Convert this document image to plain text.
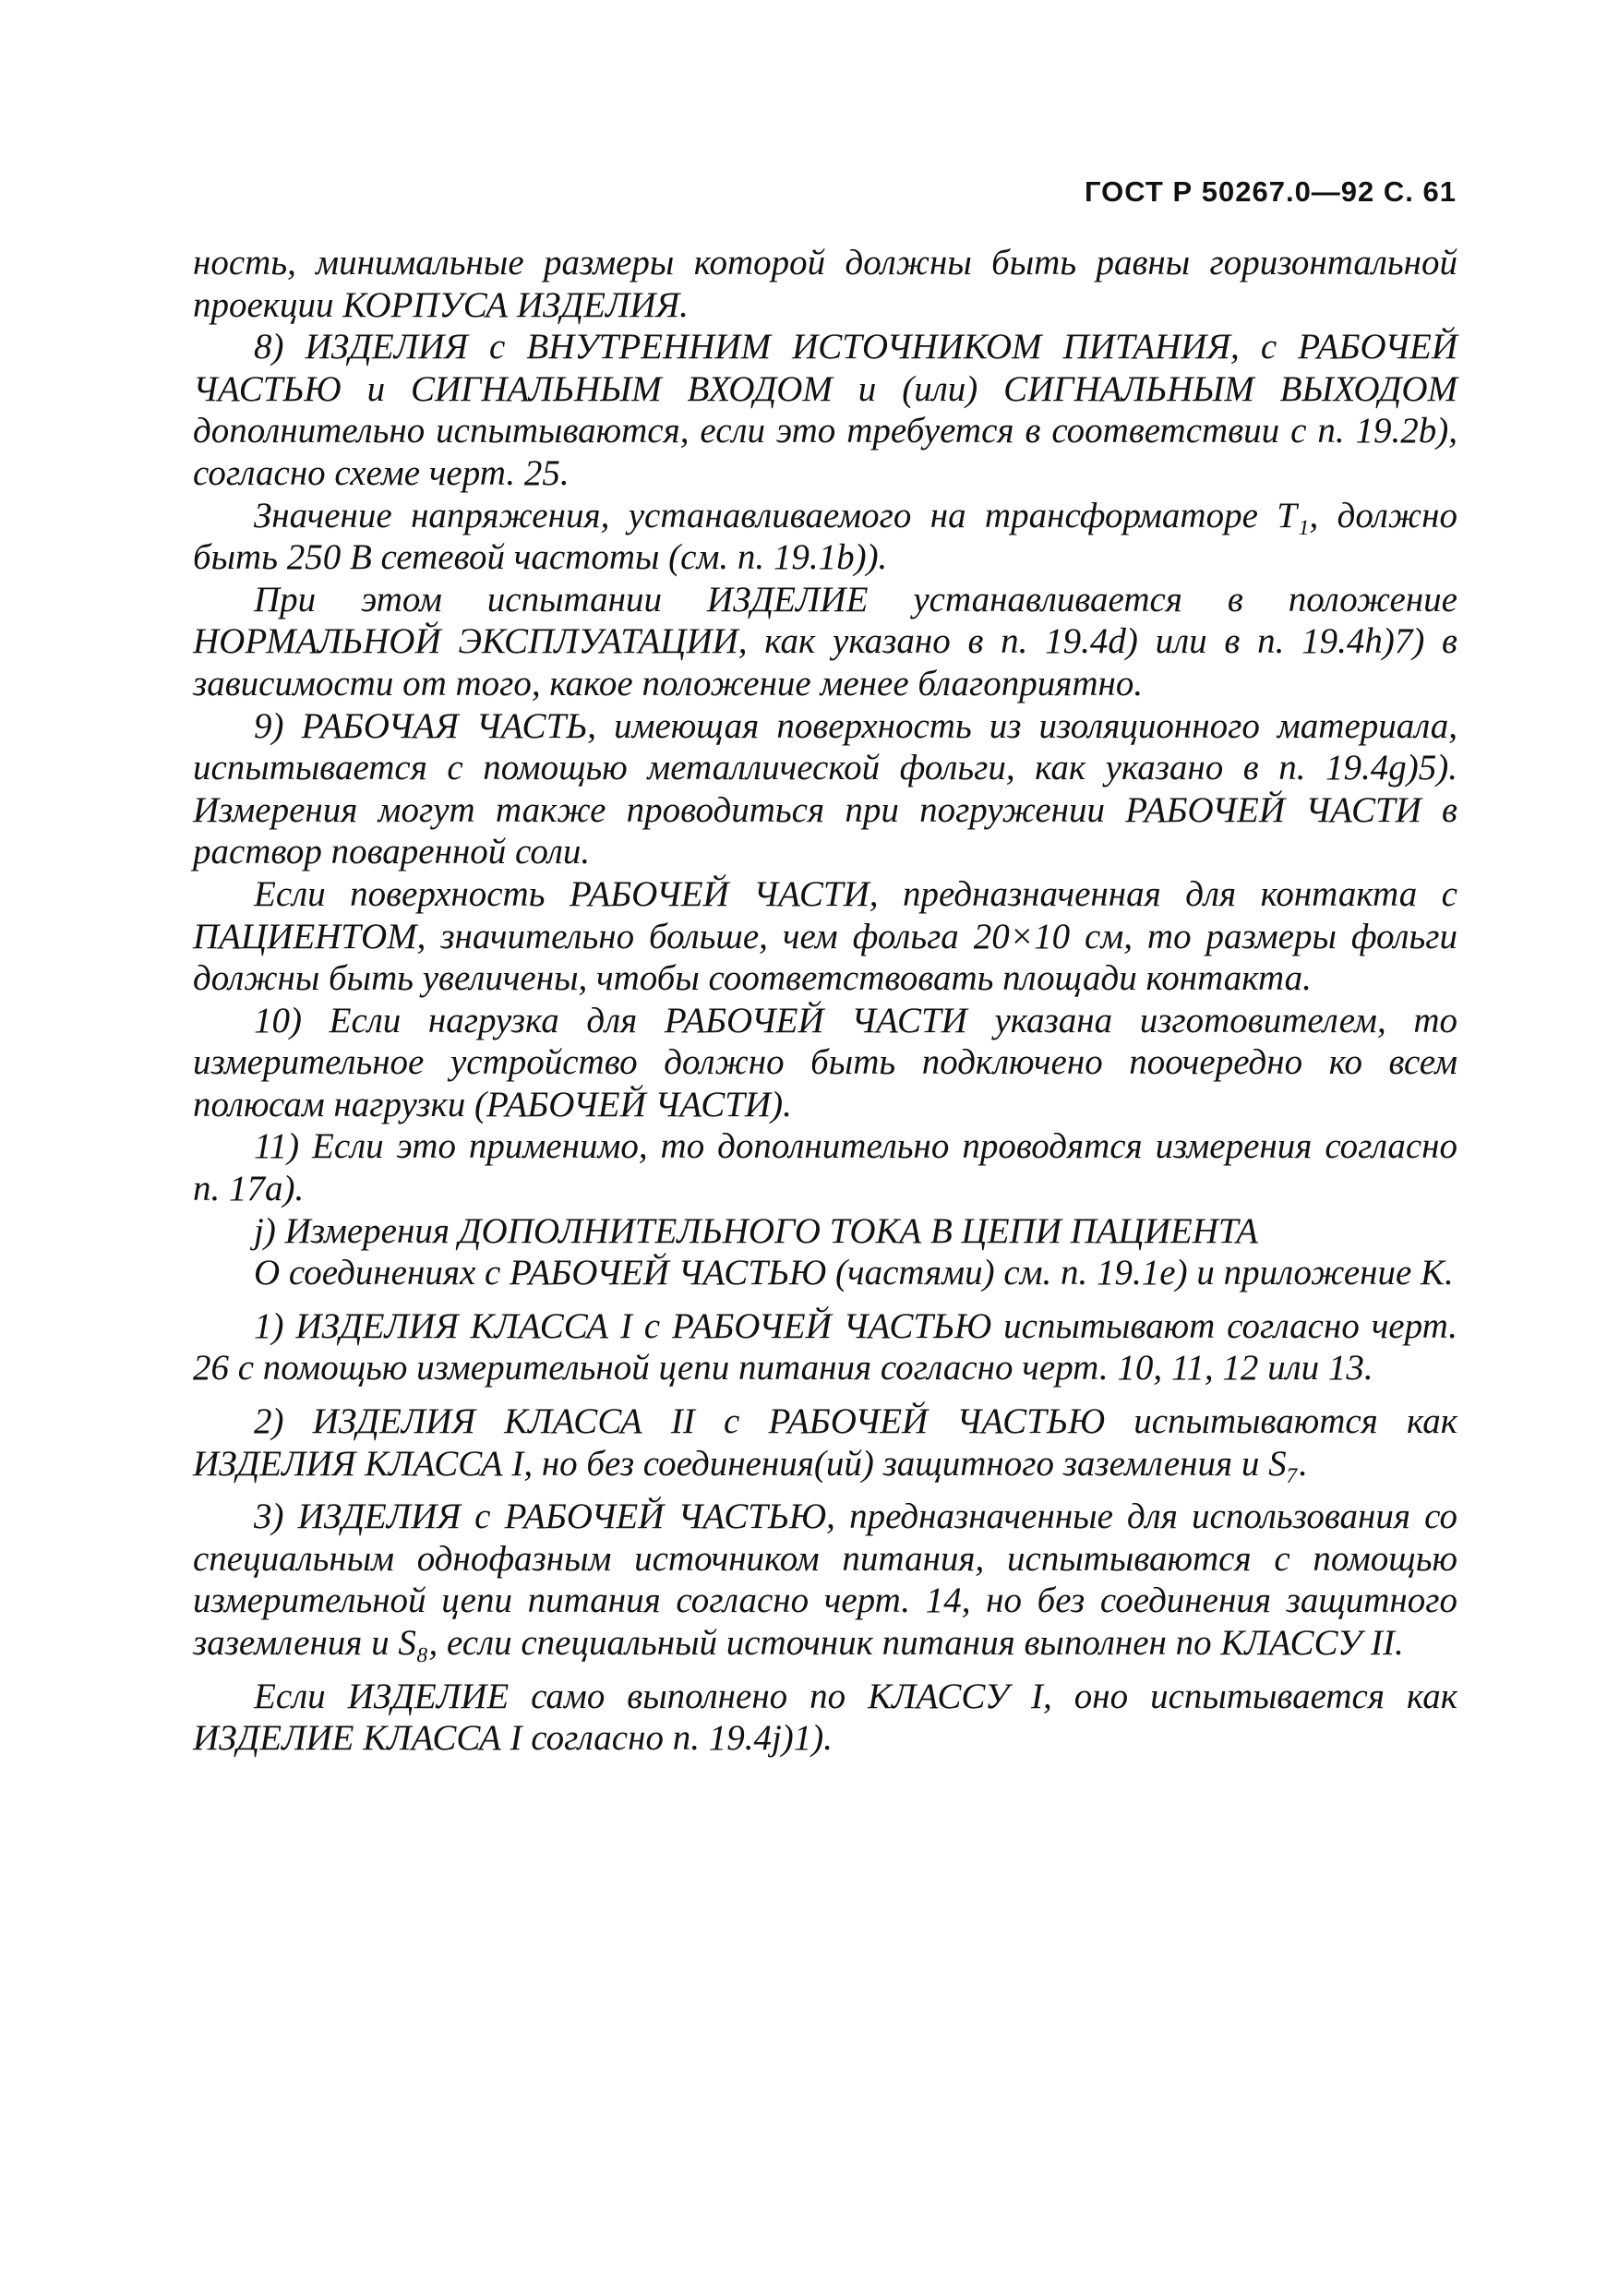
ГОСТ Р 50267.0—92 С. 61

ность, минимальные размеры которой должны быть равны горизонтальной проекции КОРПУСА ИЗДЕЛИЯ.

8) ИЗДЕЛИЯ с ВНУТРЕННИМ ИСТОЧНИКОМ ПИТАНИЯ, с РАБОЧЕЙ ЧАСТЬЮ и СИГНАЛЬНЫМ ВХОДОМ и (или) СИГНАЛЬНЫМ ВЫХОДОМ дополнительно испытываются, если это требуется в соответствии с п. 19.2b), согласно схеме черт. 25.

Значение напряжения, устанавливаемого на трансформаторе T₁, должно быть 250 В сетевой частоты (см. п. 19.1b)).

При этом испытании ИЗДЕЛИЕ устанавливается в положение НОРМАЛЬНОЙ ЭКСПЛУАТАЦИИ, как указано в п. 19.4d) или в п. 19.4h)7) в зависимости от того, какое положение менее благоприятно.

9) РАБОЧАЯ ЧАСТЬ, имеющая поверхность из изоляционного материала, испытывается с помощью металлической фольги, как указано в п. 19.4g)5). Измерения могут также проводиться при погружении РАБОЧЕЙ ЧАСТИ в раствор поваренной соли.

Если поверхность РАБОЧЕЙ ЧАСТИ, предназначенная для контакта с ПАЦИЕНТОМ, значительно больше, чем фольга 20×10 см, то размеры фольги должны быть увеличены, чтобы соответствовать площади контакта.

10) Если нагрузка для РАБОЧЕЙ ЧАСТИ указана изготовителем, то измерительное устройство должно быть подключено поочередно ко всем полюсам нагрузки (РАБОЧЕЙ ЧАСТИ).

11) Если это применимо, то дополнительно проводятся измерения согласно п. 17а).

j) Измерения ДОПОЛНИТЕЛЬНОГО ТОКА В ЦЕПИ ПАЦИЕНТА

О соединениях с РАБОЧЕЙ ЧАСТЬЮ (частями) см. п. 19.1е) и приложение К.

1) ИЗДЕЛИЯ КЛАССА I с РАБОЧЕЙ ЧАСТЬЮ испытывают согласно черт. 26 с помощью измерительной цепи питания согласно черт. 10, 11, 12 или 13.

2) ИЗДЕЛИЯ КЛАССА II с РАБОЧЕЙ ЧАСТЬЮ испытываются как ИЗДЕЛИЯ КЛАССА I, но без соединения(ий) защитного заземления и S₇.

3) ИЗДЕЛИЯ с РАБОЧЕЙ ЧАСТЬЮ, предназначенные для использования со специальным однофазным источником питания, испытываются с помощью измерительной цепи питания согласно черт. 14, но без соединения защитного заземления и S₈, если специальный источник питания выполнен по КЛАССУ II.

Если ИЗДЕЛИЕ само выполнено по КЛАССУ I, оно испытывается как ИЗДЕЛИЕ КЛАССА I согласно п. 19.4j)1).
